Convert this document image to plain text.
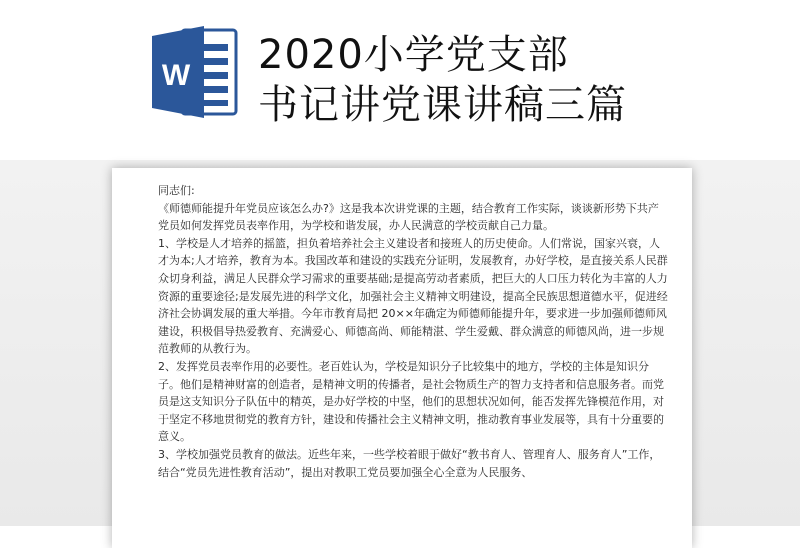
W 2020小学党支部
书记讲党课讲稿三篇

同志们:

《师德师能提升年党员应该怎么办?》这是我本次讲党课的主题，结合教育工作实际，谈谈新形势下共产党员如何发挥党员表率作用，为学校和谐发展，办人民满意的学校贡献自己力量。

1、学校是人才培养的摇篮，担负着培养社会主义建设者和接班人的历史使命。人们常说，国家兴衰，人才为本;人才培养，教育为本。我国改革和建设的实践充分证明，发展教育，办好学校，是直接关系人民群众切身利益，满足人民群众学习需求的重要基础;是提高劳动者素质，把巨大的人口压力转化为丰富的人力资源的重要途径;是发展先进的科学文化，加强社会主义精神文明建设，提高全民族思想道德水平，促进经济社会协调发展的重大举措。今年市教育局把 20××年确定为师德师能提升年，要求进一步加强师德师风建设，积极倡导热爱教育、充满爱心、师德高尚、师能精湛、学生爱戴、群众满意的师德风尚，进一步规范教师的从教行为。

2、发挥党员表率作用的必要性。老百姓认为，学校是知识分子比较集中的地方，学校的主体是知识分子。他们是精神财富的创造者，是精神文明的传播者，是社会物质生产的智力支持者和信息服务者。而党员是这支知识分子队伍中的精英，是办好学校的中坚，他们的思想状况如何，能否发挥先锋模范作用，对于坚定不移地贯彻党的教育方针，建设和传播社会主义精神文明，推动教育事业发展等，具有十分重要的意义。

3、学校加强党员教育的做法。近些年来，一些学校着眼于做好“教书育人、管理育人、服务育人”工作，结合“党员先进性教育活动”，提出对教职工党员要加强全心全意为人民服务、
